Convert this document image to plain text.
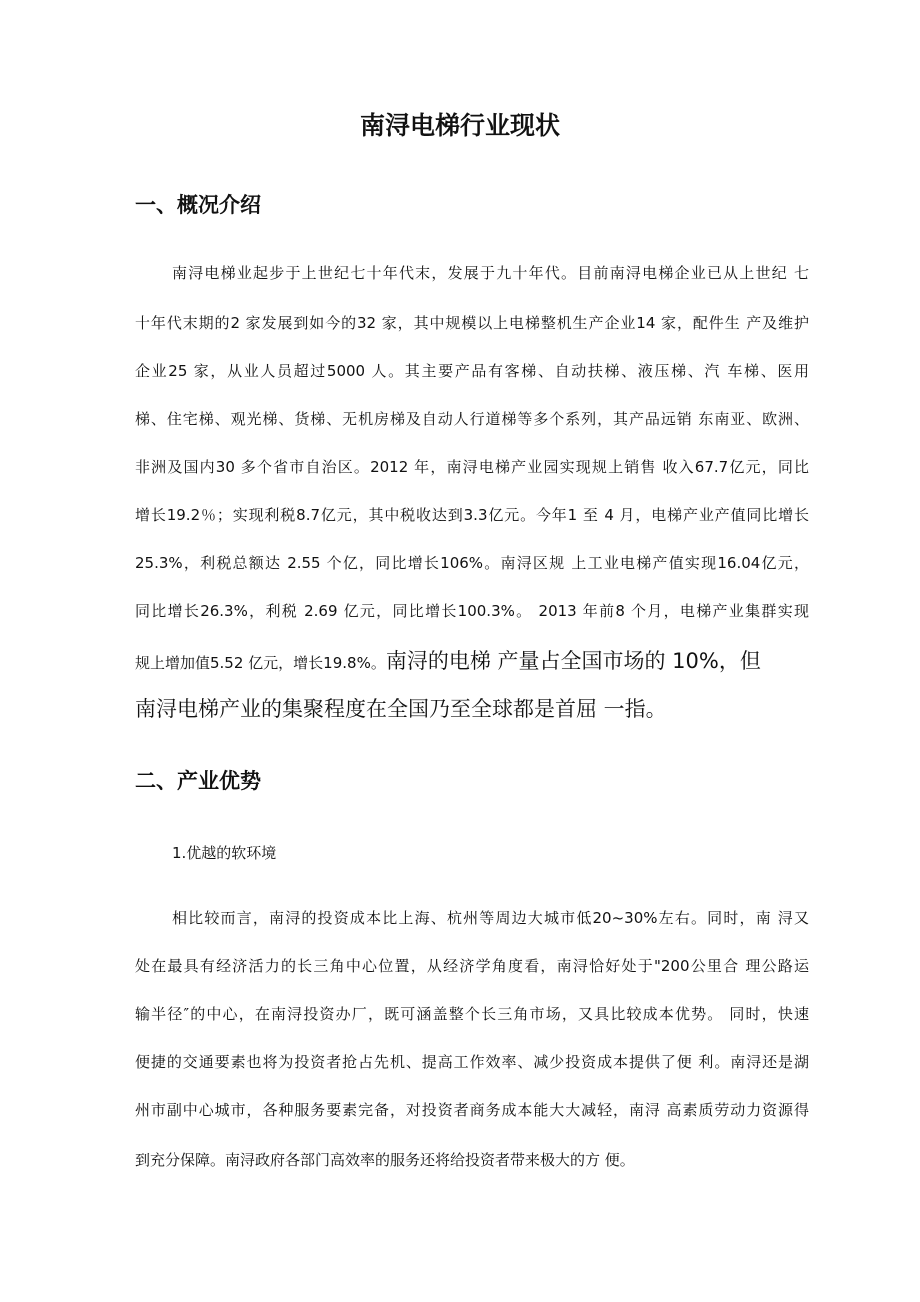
南浔电梯行业现状
一、概况介绍
南浔电梯业起步于上世纪七十年代末，发展于九十年代。目前南浔电梯企业已从上世纪 七
十年代末期的2 家发展到如今的32 家，其中规模以上电梯整机生产企业14 家，配件生 产及维护
企业25 家，从业人员超过5000 人。其主要产品有客梯、自动扶梯、液压梯、汽 车梯、医用
梯、住宅梯、观光梯、货梯、无机房梯及自动人行道梯等多个系列，其产品远销 东南亚、欧洲、
非洲及国内30 多个省市自治区。2012 年，南浔电梯产业园实现规上销售 收入67.7亿元，同比
增长19.2％；实现利税8.7亿元，其中税收达到3.3亿元。今年1 至 4 月，电梯产业产值同比增长
25.3%，利税总额达 2.55 个亿，同比增长106%。南浔区规 上工业电梯产值实现16.04亿元，
同比增长26.3%，利税 2.69 亿元，同比增长100.3%。 2013 年前8 个月，电梯产业集群实现
规上增加值5.52 亿元，增长19.8%。南浔的电梯 产量占全国市场的 10%，但
南浔电梯产业的集聚程度在全国乃至全球都是首屈 一指。
二、产业优势
1.优越的软环境
相比较而言，南浔的投资成本比上海、杭州等周边大城市低20~30%左右。同时，南 浔又
处在最具有经济活力的长三角中心位置，从经济学角度看，南浔恰好处于"200公里合 理公路运
输半径″的中心，在南浔投资办厂，既可涵盖整个长三角市场，又具比较成本优势。 同时，快速
便捷的交通要素也将为投资者抢占先机、提高工作效率、减少投资成本提供了便 利。南浔还是湖
州市副中心城市，各种服务要素完备，对投资者商务成本能大大减轻，南浔 高素质劳动力资源得
到充分保障。南浔政府各部门高效率的服务还将给投资者带来极大的方 便。
